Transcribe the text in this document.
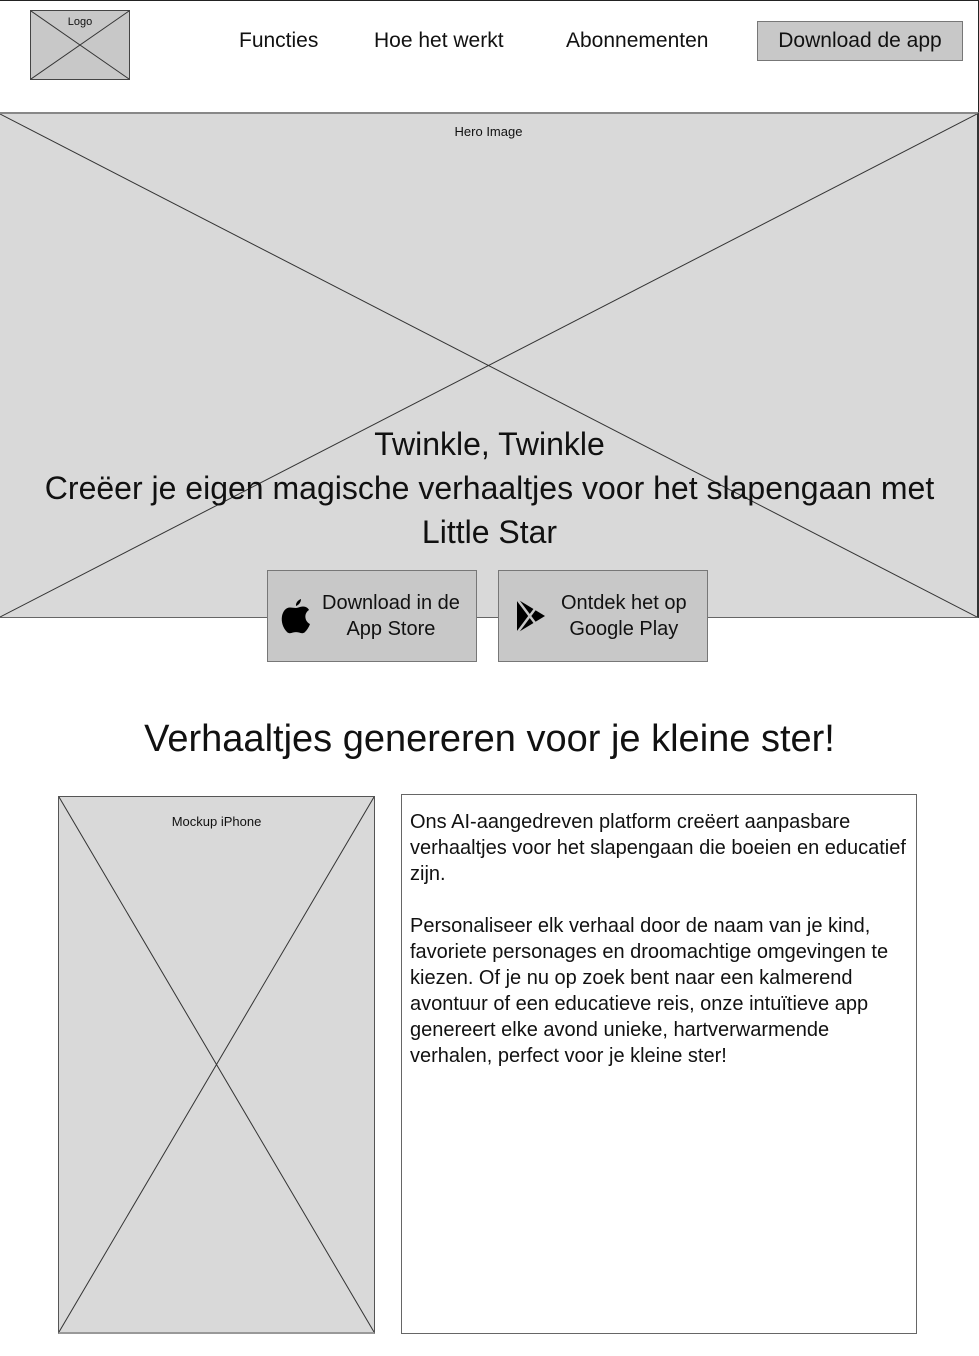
Logo
Functies	Hoe het werkt	Abonnementen	Download de app
Hero Image
Twinkle, Twinkle
Creëer je eigen magische verhaaltjes voor het slapengaan met Little Star
Download in de
App Store
Ontdek het op
Google Play
Verhaaltjes genereren voor je kleine ster!
Mockup iPhone	Ons AI-aangedreven platform creëert aanpasbare verhaaltjes voor het slapengaan die boeien en educatief zijn.

Personaliseer elk verhaal door de naam van je kind, favoriete personages en droomachtige omgevingen te kiezen. Of je nu op zoek bent naar een kalmerend avontuur of een educatieve reis, onze intuïtieve app genereert elke avond unieke, hartverwarmende verhalen, perfect voor je kleine ster!
